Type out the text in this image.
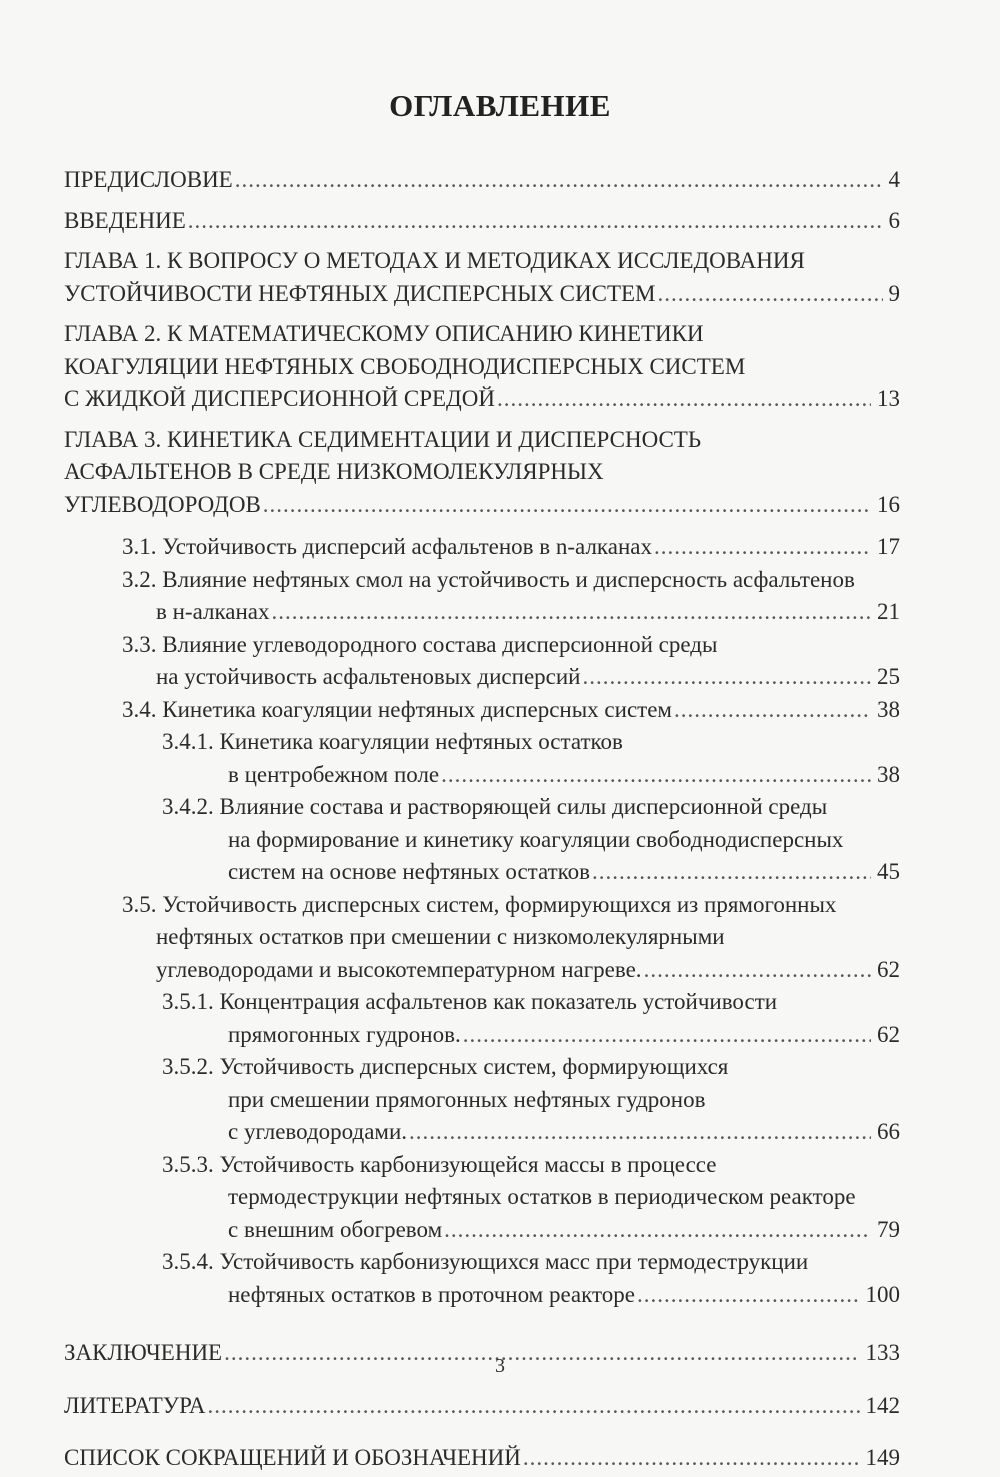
ОГЛАВЛЕНИЕ
ПРЕДИСЛОВИЕ .....	4
ВВЕДЕНИЕ .....	6
ГЛАВА 1. К ВОПРОСУ О МЕТОДАХ И МЕТОДИКАХ ИССЛЕДОВАНИЯ
УСТОЙЧИВОСТИ НЕФТЯНЫХ ДИСПЕРСНЫХ СИСТЕМ .....	9
ГЛАВА 2. К МАТЕМАТИЧЕСКОМУ ОПИСАНИЮ КИНЕТИКИ
КОАГУЛЯЦИИ НЕФТЯНЫХ СВОБОДНОДИСПЕРСНЫХ СИСТЕМ
С ЖИДКОЙ ДИСПЕРСИОННОЙ СРЕДОЙ .....	13
ГЛАВА 3. КИНЕТИКА СЕДИМЕНТАЦИИ И ДИСПЕРСНОСТЬ
АСФАЛЬТЕНОВ В СРЕДЕ НИЗКОМОЛЕКУЛЯРНЫХ
УГЛЕВОДОРОДОВ .....	16
3.1. Устойчивость дисперсий асфальтенов в n-алканах .....	17
3.2. Влияние нефтяных смол на устойчивость и дисперсность асфальтенов
в н-алканах .....	21
3.3. Влияние углеводородного состава дисперсионной среды
на устойчивость асфальтеновых дисперсий .....	25
3.4. Кинетика коагуляции нефтяных дисперсных систем .....	38
3.4.1. Кинетика коагуляции нефтяных остатков
в центробежном поле .....	38
3.4.2. Влияние состава и растворяющей силы дисперсионной среды
на формирование и кинетику коагуляции свободнодисперсных
систем на основе нефтяных остатков .....	45
3.5. Устойчивость дисперсных систем, формирующихся из прямогонных
нефтяных остатков при смешении с низкомолекулярными
углеводородами и высокотемпературном нагреве. .....	62
3.5.1. Концентрация асфальтенов как показатель устойчивости
прямогонных гудронов. .....	62
3.5.2. Устойчивость дисперсных систем, формирующихся
при смешении прямогонных нефтяных гудронов
с углеводородами. .....	66
3.5.3. Устойчивость карбонизующейся массы в процессе
термодеструкции нефтяных остатков в периодическом реакторе
с внешним обогревом .....	79
3.5.4. Устойчивость карбонизующихся масс при термодеструкции
нефтяных остатков в проточном реакторе .....	100
ЗАКЛЮЧЕНИЕ .....	133
ЛИТЕРАТУРА .....	142
СПИСОК СОКРАЩЕНИЙ И ОБОЗНАЧЕНИЙ .....	149
3
